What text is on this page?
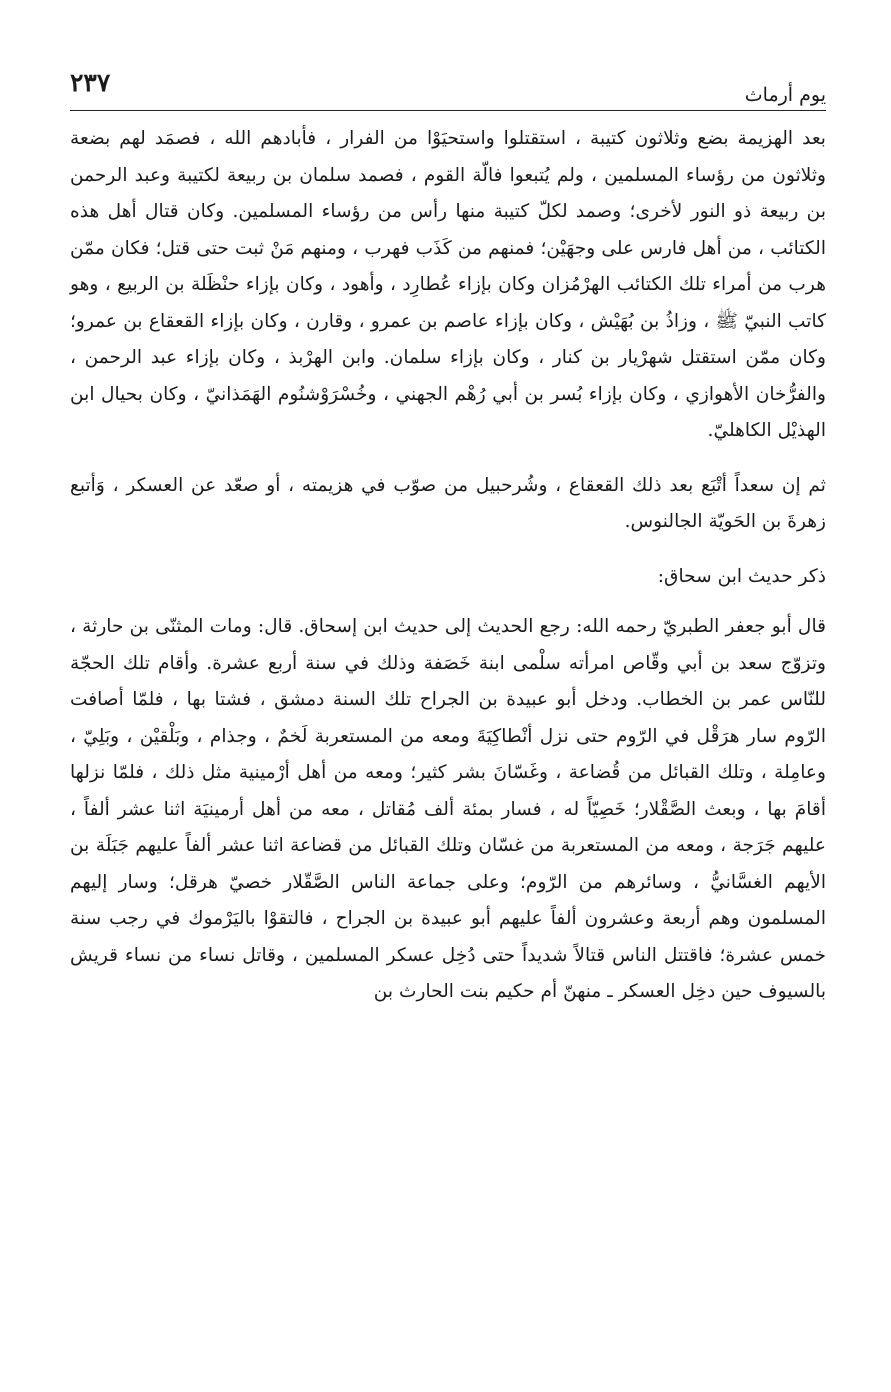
يوم أرماث
٢٣٧

بعد الهزيمة بضع وثلاثون كتيبة ، استقتلوا واستحيَوْا من الفرار ، فأبادهم الله ، فصمَد لهم بضعة وثلاثون من رؤساء المسلمين ، ولم يُتبعوا فالّة القوم ، فصمد سلمان بن ربيعة لكتيبة وعبد الرحمن بن ربيعة ذو النور لأخرى؛ وصمد لكلّ كتيبة منها رأس من رؤساء المسلمين. وكان قتال أهل هذه الكتائب ، من أهل فارس على وجهَيْن؛ فمنهم من كَذَب فهرب ، ومنهم مَنْ ثبت حتى قتل؛ فكان ممّن هرب من أمراء تلك الكتائب الهرْمُزان وكان بإزاء عُطارِد ، وأهود ، وكان بإزاء حنْظَلة بن الربيع ، وهو كاتب النبيّ ﷺ ، وزاذُ بن بُهَيْش ، وكان بإزاء عاصم بن عمرو ، وقارن ، وكان بإزاء القعقاع بن عمرو؛ وكان ممّن استقتل شهرْيار بن كنار ، وكان بإزاء سلمان. وابن الهرْبذ ، وكان بإزاء عبد الرحمن ، والفرُّخان الأهوازي ، وكان بإزاء بُسر بن أبي رُهْم الجهني ، وخُسْرَوْشنُوم الهَمَذانيّ ، وكان بحيال ابن الهذيْل الكاهليّ.

ثم إن سعداً أتْبَع بعد ذلك القعقاع ، وشُرحبيل من صوّب في هزيمته ، أو صعّد عن العسكر ، وَأتبع زهرةَ بن الحَويّة الجالنوس.

ذكر حديث ابن سحاق:

قال أبو جعفر الطبريّ رحمه الله: رجع الحديث إلى حديث ابن إسحاق. قال: ومات المثنّى بن حارثة ، وتزوّج سعد بن أبي وقّاص امرأته سلْمى ابنة خَصَفة وذلك في سنة أربع عشرة. وأقام تلك الحجّة للنّاس عمر بن الخطاب. ودخل أبو عبيدة بن الجراح تلك السنة دمشق ، فشتا بها ، فلمّا أصافت الرّوم سار هرَقْل في الرّوم حتى نزل أنْطاكِيَةَ ومعه من المستعربة لَخمٌ ، وجذام ، وبَلْقيْن ، وبَلِيّ ، وعامِلة ، وتلك القبائل من قُضاعة ، وغَسّانَ بشر كثير؛ ومعه من أهل أرْمينية مثل ذلك ، فلمّا نزلها أقامَ بها ، وبعث الصَّقْلار؛ خَصِيّاً له ، فسار بمئة ألف مُقاتل ، معه من أهل أرمينيَة اثنا عشر ألفاً ، عليهم جَرَجة ، ومعه من المستعربة من غسّان وتلك القبائل من قضاعة اثنا عشر ألفاً عليهم جَبَلَة بن الأيهم الغسَّانيُّ ، وسائرهم من الرّوم؛ وعلى جماعة الناس الصَّقّلار خصيّ هرقل؛ وسار إليهم المسلمون وهم أربعة وعشرون ألفاً عليهم أبو عبيدة بن الجراح ، فالتقوْا باليَرْموك في رجب سنة خمس عشرة؛ فاقتتل الناس قتالاً شديداً حتى دُخِل عسكر المسلمين ، وقاتل نساء من نساء قريش بالسيوف حين دخِل العسكر ـ منهنّ أم حكيم بنت الحارث بن
